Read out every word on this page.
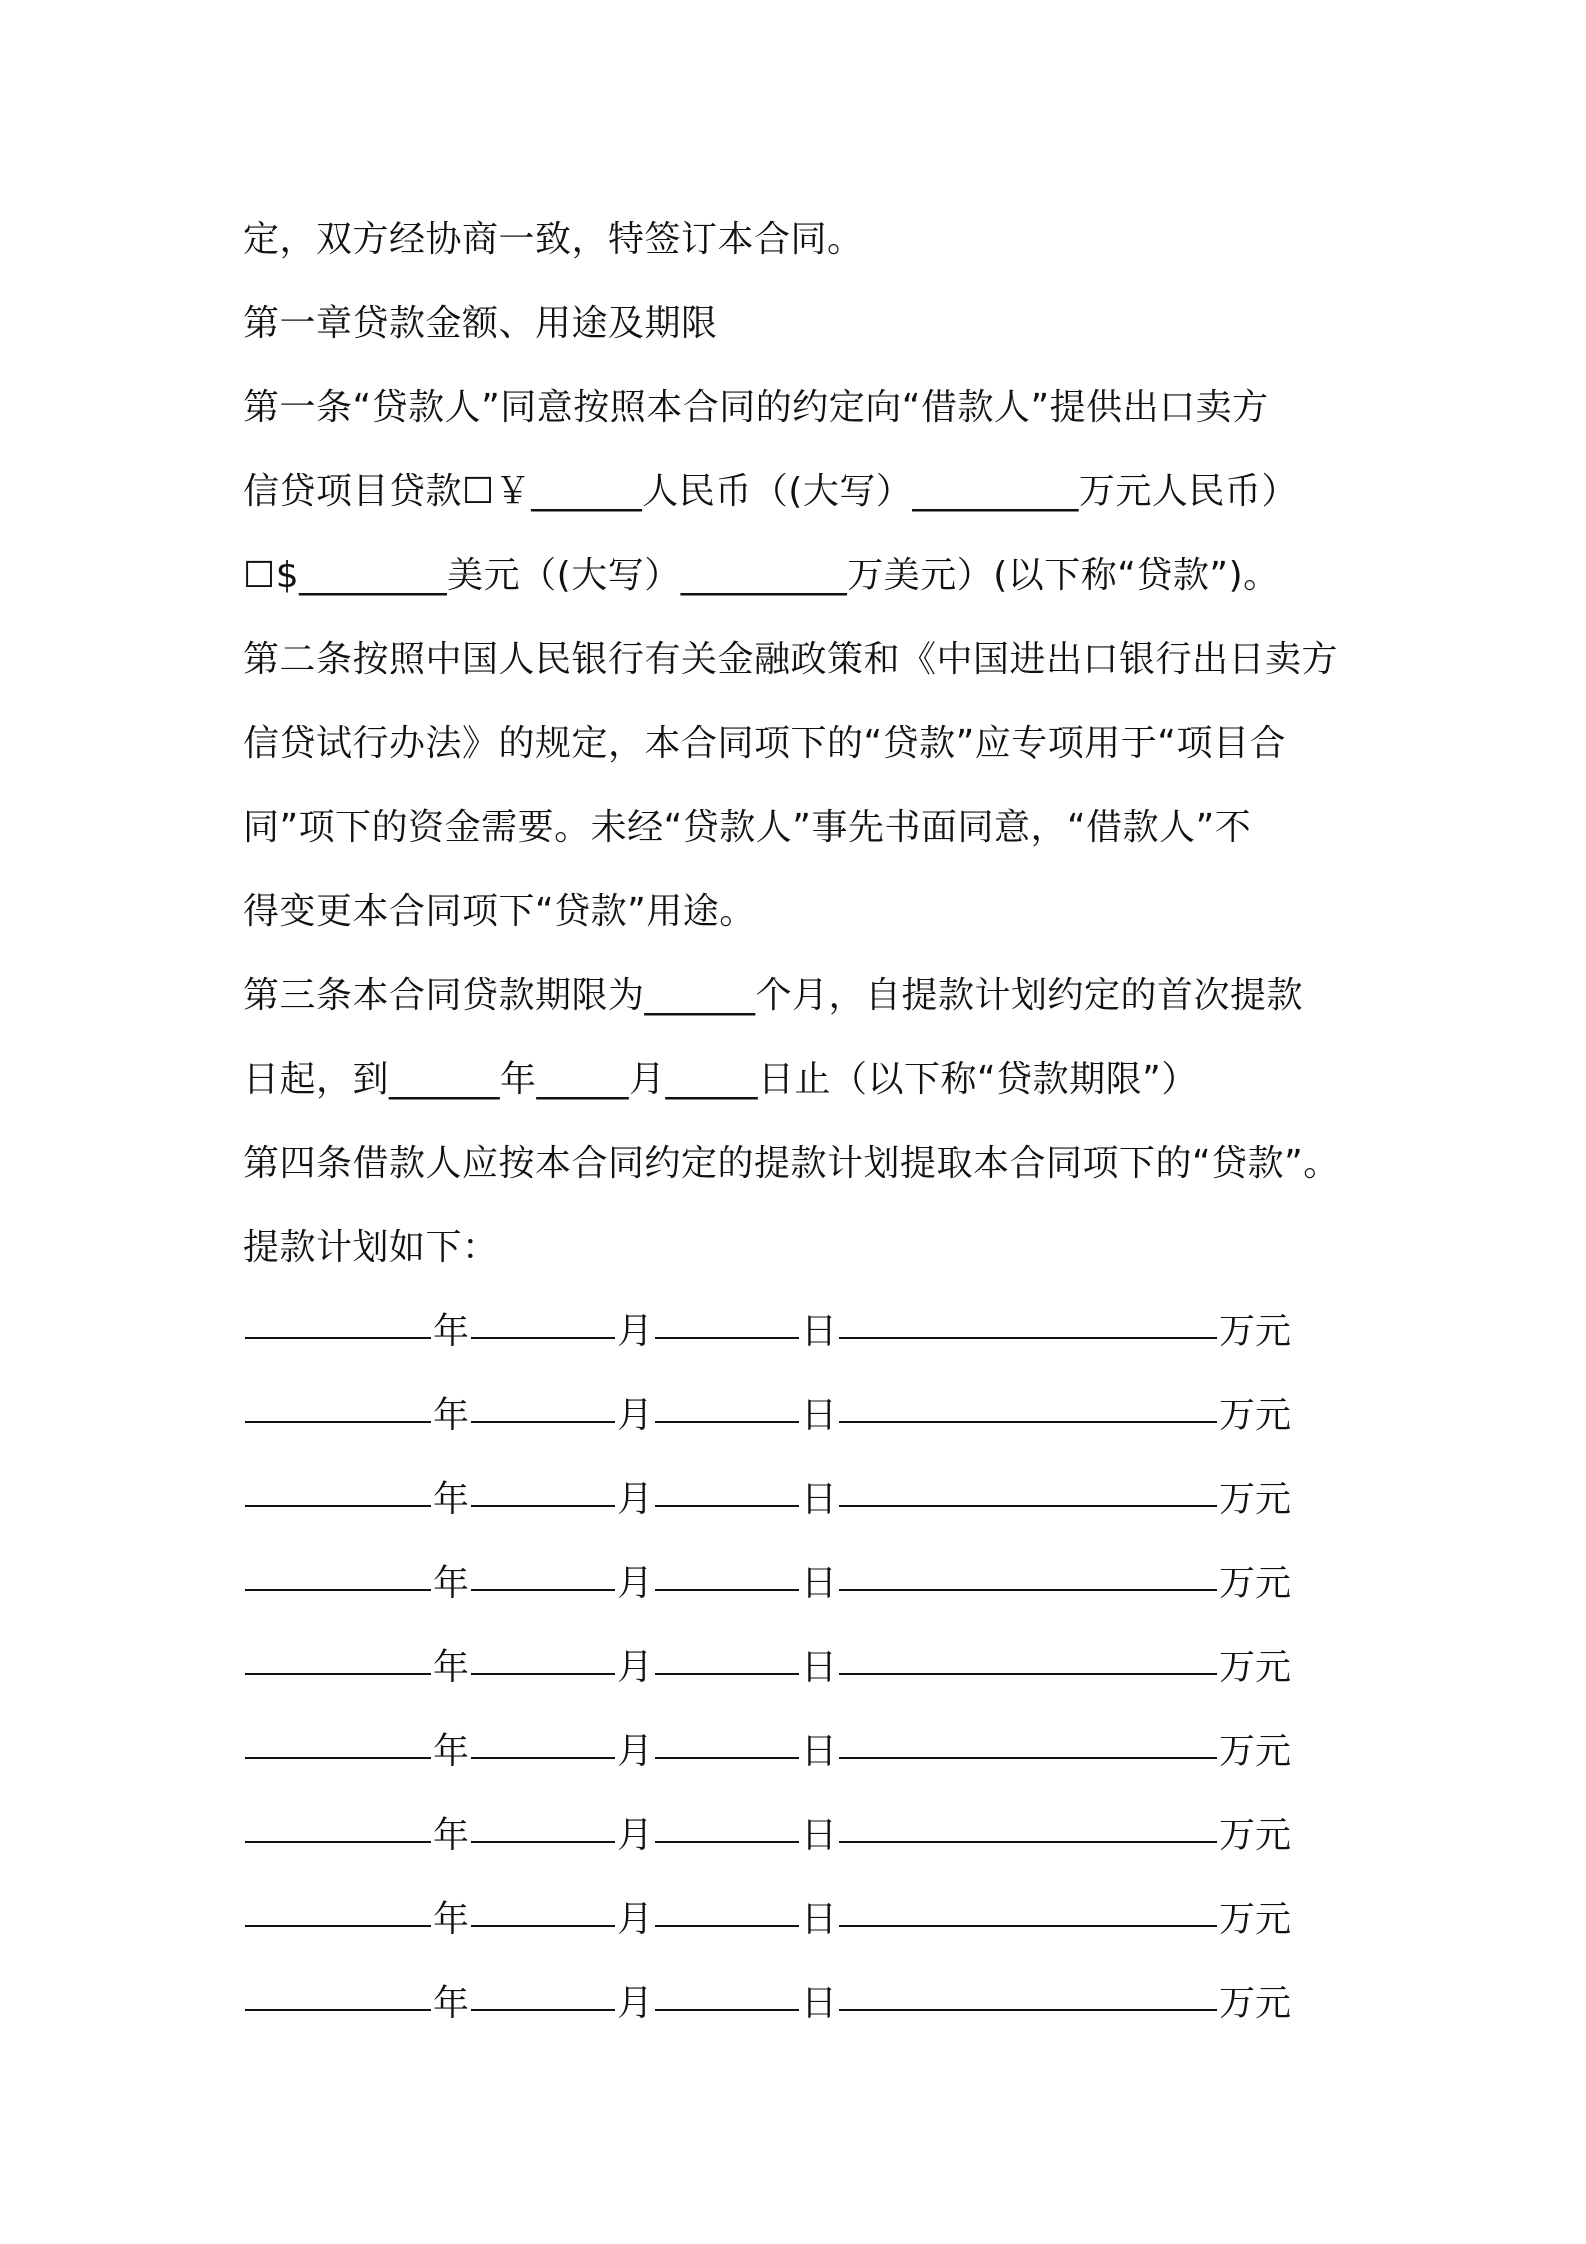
定，双方经协商一致，特签订本合同。
第一章贷款金额、用途及期限
第一条“贷款人”同意按照本合同的约定向“借款人”提供出口卖方
信贷项目贷款☐￥______人民币（(大写）_________万元人民币）
☐$________美元（(大写）_________万美元）(以下称“贷款”)。
第二条按照中国人民银行有关金融政策和《中国进出口银行出日卖方
信贷试行办法》的规定，本合同项下的“贷款”应专项用于“项目合
同”项下的资金需要。未经“贷款人”事先书面同意，“借款人”不
得变更本合同项下“贷款”用途。
第三条本合同贷款期限为______个月，自提款计划约定的首次提款
日起，到______年_____月_____日止（以下称“贷款期限”）
第四条借款人应按本合同约定的提款计划提取本合同项下的“贷款”。
提款计划如下：
年	月	日	万元
年	月	日	万元
年	月	日	万元
年	月	日	万元
年	月	日	万元
年	月	日	万元
年	月	日	万元
年	月	日	万元
年	月	日	万元
